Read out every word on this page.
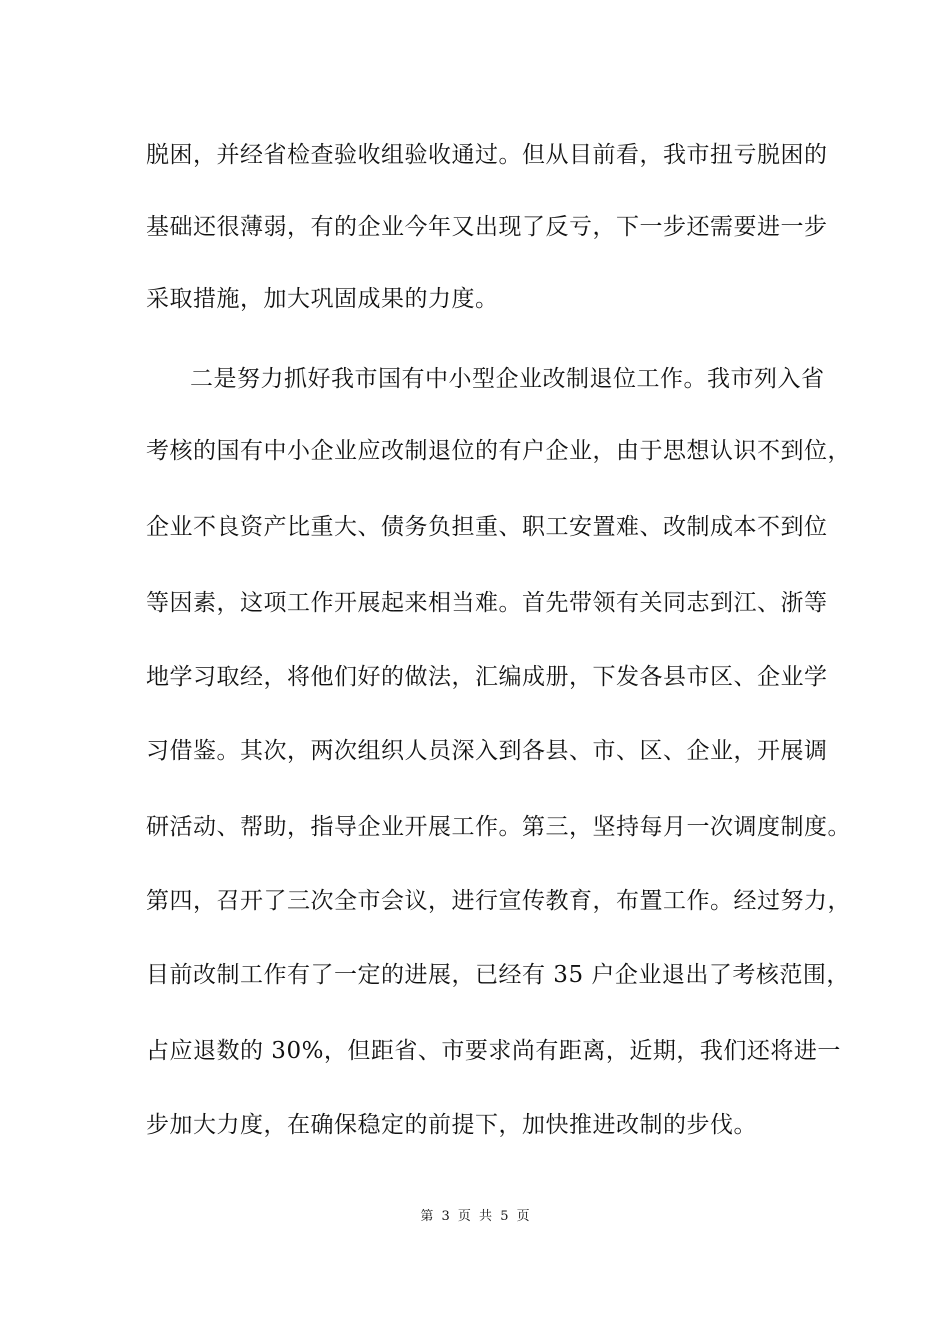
脱困，并经省检查验收组验收通过。但从目前看，我市扭亏脱困的
基础还很薄弱，有的企业今年又出现了反亏，下一步还需要进一步
采取措施，加大巩固成果的力度。
二是努力抓好我市国有中小型企业改制退位工作。我市列入省
考核的国有中小企业应改制退位的有户企业，由于思想认识不到位，
企业不良资产比重大、债务负担重、职工安置难、改制成本不到位
等因素，这项工作开展起来相当难。首先带领有关同志到江、浙等
地学习取经，将他们好的做法，汇编成册，下发各县市区、企业学
习借鉴。其次，两次组织人员深入到各县、市、区、企业，开展调
研活动、帮助，指导企业开展工作。第三，坚持每月一次调度制度。
第四，召开了三次全市会议，进行宣传教育，布置工作。经过努力，
目前改制工作有了一定的进展，已经有 35 户企业退出了考核范围，
占应退数的 30%，但距省、市要求尚有距离，近期，我们还将进一
步加大力度，在确保稳定的前提下，加快推进改制的步伐。
第 3 页 共 5 页
